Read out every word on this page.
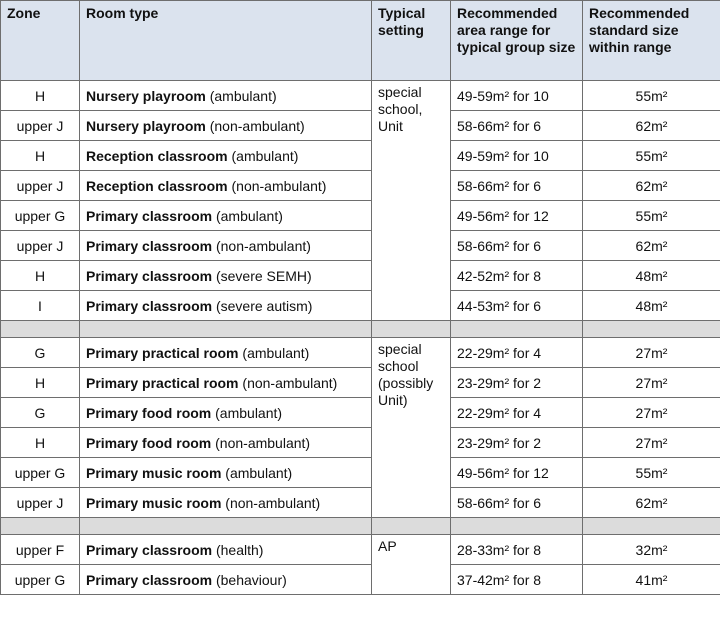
Zone	Room type	Typical setting	Recommended area range for typical group size	Recommended standard size within range
H	Nursery playroom (ambulant)	special school, Unit	49-59m² for 10	55m²
upper J	Nursery playroom (non-ambulant)		58-66m² for 6	62m²
H	Reception classroom (ambulant)		49-59m² for 10	55m²
upper J	Reception classroom (non-ambulant)		58-66m² for 6	62m²
upper G	Primary classroom (ambulant)		49-56m² for 12	55m²
upper J	Primary classroom (non-ambulant)		58-66m² for 6	62m²
H	Primary classroom (severe SEMH)		42-52m² for 8	48m²
I	Primary classroom (severe autism)		44-53m² for 6	48m²

G	Primary practical room (ambulant)	special school (possibly Unit)	22-29m² for 4	27m²
H	Primary practical room (non-ambulant)		23-29m² for 2	27m²
G	Primary food room (ambulant)		22-29m² for 4	27m²
H	Primary food room (non-ambulant)		23-29m² for 2	27m²
upper G	Primary music room (ambulant)		49-56m² for 12	55m²
upper J	Primary music room (non-ambulant)		58-66m² for 6	62m²

upper F	Primary classroom (health)	AP	28-33m² for 8	32m²
upper G	Primary classroom (behaviour)		37-42m² for 8	41m²
